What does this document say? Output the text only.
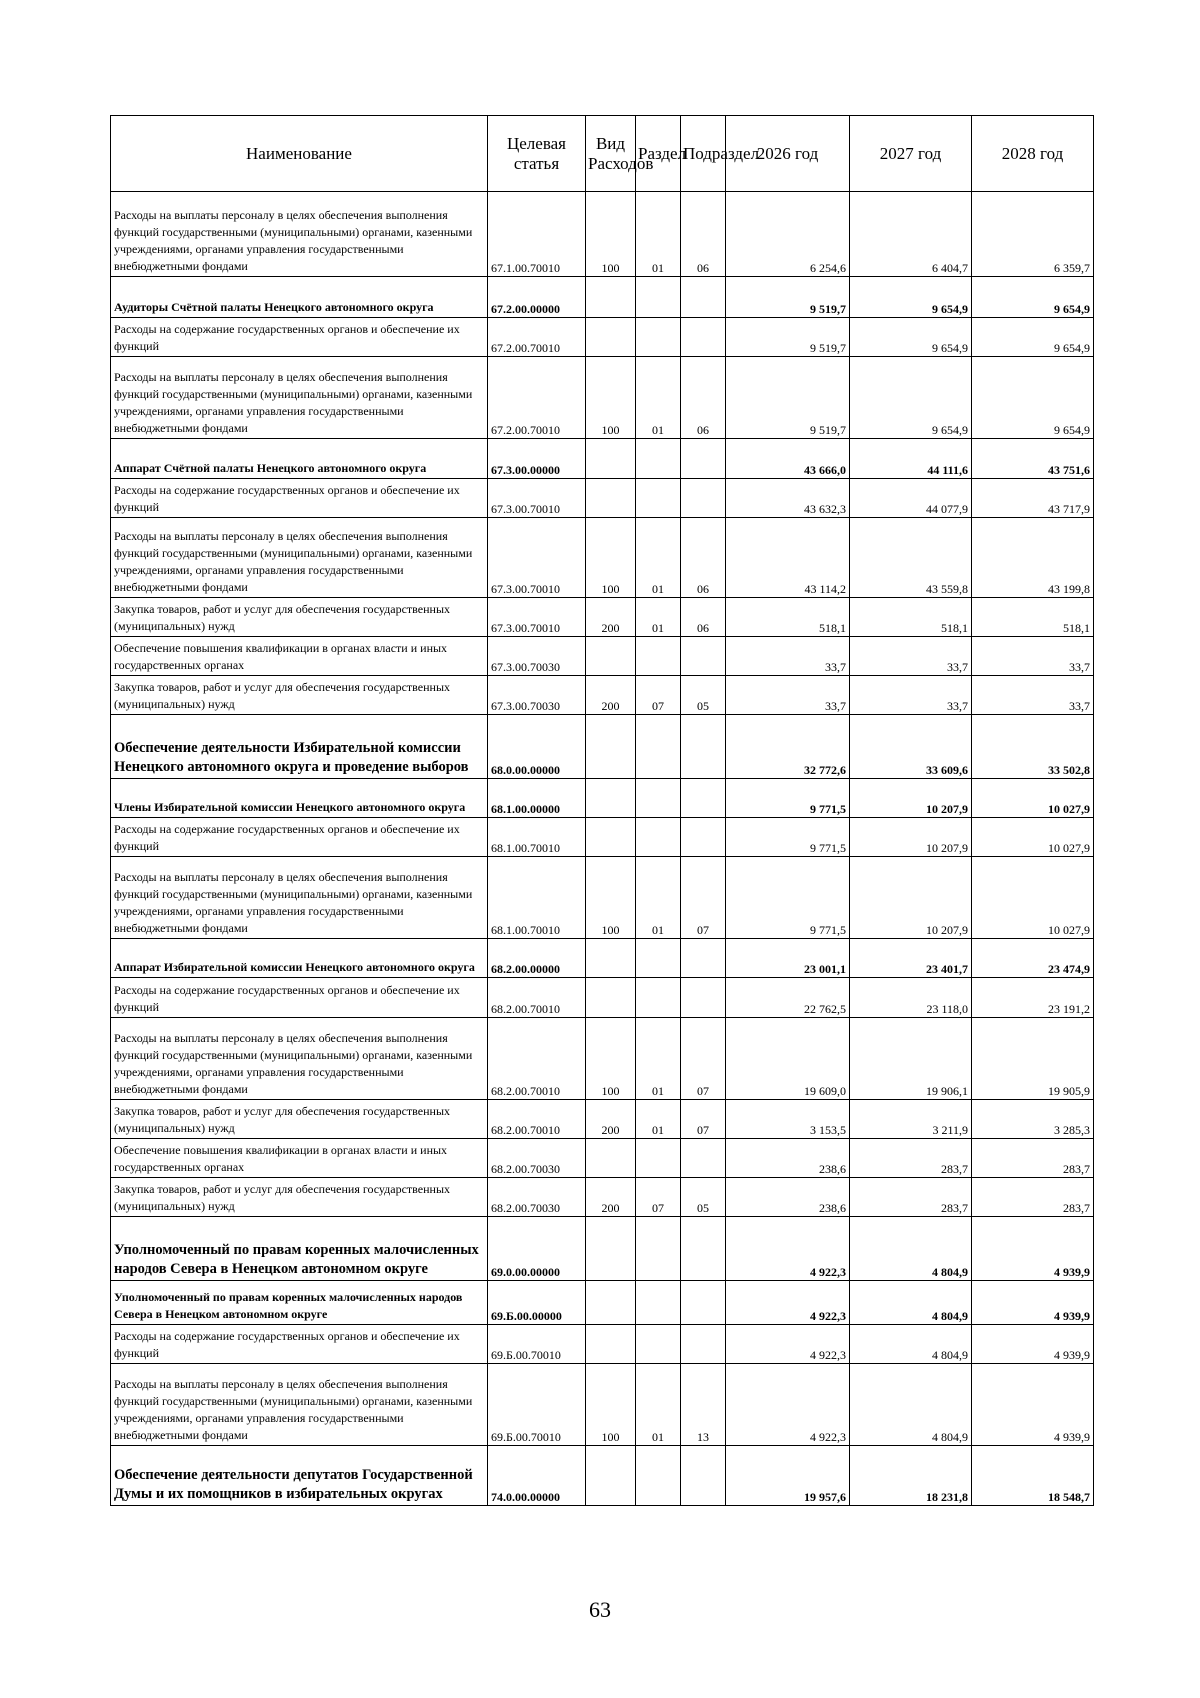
Наименование	Целевая статья	Вид Расходов	Раздел	Подраздел	2026 год	2027 год	2028 год
Расходы на выплаты персоналу в целях обеспечения выполнения функций государственными (муниципальными) органами, казенными учреждениями, органами управления государственными внебюджетными фондами	67.1.00.70010	100	01	06	6 254,6	6 404,7	6 359,7
Аудиторы Счётной палаты Ненецкого автономного округа	67.2.00.00000				9 519,7	9 654,9	9 654,9
Расходы на содержание государственных органов и обеспечение их функций	67.2.00.70010				9 519,7	9 654,9	9 654,9
Расходы на выплаты персоналу в целях обеспечения выполнения функций государственными (муниципальными) органами, казенными учреждениями, органами управления государственными внебюджетными фондами	67.2.00.70010	100	01	06	9 519,7	9 654,9	9 654,9
Аппарат Счётной палаты Ненецкого автономного округа	67.3.00.00000				43 666,0	44 111,6	43 751,6
Расходы на содержание государственных органов и обеспечение их функций	67.3.00.70010				43 632,3	44 077,9	43 717,9
Расходы на выплаты персоналу в целях обеспечения выполнения функций государственными (муниципальными) органами, казенными учреждениями, органами управления государственными внебюджетными фондами	67.3.00.70010	100	01	06	43 114,2	43 559,8	43 199,8
Закупка товаров, работ и услуг для обеспечения государственных (муниципальных) нужд	67.3.00.70010	200	01	06	518,1	518,1	518,1
Обеспечение повышения квалификации в органах власти и иных государственных органах	67.3.00.70030				33,7	33,7	33,7
Закупка товаров, работ и услуг для обеспечения государственных (муниципальных) нужд	67.3.00.70030	200	07	05	33,7	33,7	33,7
Обеспечение деятельности Избирательной комиссии Ненецкого автономного округа и проведение выборов	68.0.00.00000				32 772,6	33 609,6	33 502,8
Члены Избирательной комиссии Ненецкого автономного округа	68.1.00.00000				9 771,5	10 207,9	10 027,9
Расходы на содержание государственных органов и обеспечение их функций	68.1.00.70010				9 771,5	10 207,9	10 027,9
Расходы на выплаты персоналу в целях обеспечения выполнения функций государственными (муниципальными) органами, казенными учреждениями, органами управления государственными внебюджетными фондами	68.1.00.70010	100	01	07	9 771,5	10 207,9	10 027,9
Аппарат Избирательной комиссии Ненецкого автономного округа	68.2.00.00000				23 001,1	23 401,7	23 474,9
Расходы на содержание государственных органов и обеспечение их функций	68.2.00.70010				22 762,5	23 118,0	23 191,2
Расходы на выплаты персоналу в целях обеспечения выполнения функций государственными (муниципальными) органами, казенными учреждениями, органами управления государственными внебюджетными фондами	68.2.00.70010	100	01	07	19 609,0	19 906,1	19 905,9
Закупка товаров, работ и услуг для обеспечения государственных (муниципальных) нужд	68.2.00.70010	200	01	07	3 153,5	3 211,9	3 285,3
Обеспечение повышения квалификации в органах власти и иных государственных органах	68.2.00.70030				238,6	283,7	283,7
Закупка товаров, работ и услуг для обеспечения государственных (муниципальных) нужд	68.2.00.70030	200	07	05	238,6	283,7	283,7
Уполномоченный по правам коренных малочисленных народов Севера в Ненецком автономном округе	69.0.00.00000				4 922,3	4 804,9	4 939,9
Уполномоченный по правам коренных малочисленных народов Севера в Ненецком автономном округе	69.Б.00.00000				4 922,3	4 804,9	4 939,9
Расходы на содержание государственных органов и обеспечение их функций	69.Б.00.70010				4 922,3	4 804,9	4 939,9
Расходы на выплаты персоналу в целях обеспечения выполнения функций государственными (муниципальными) органами, казенными учреждениями, органами управления государственными внебюджетными фондами	69.Б.00.70010	100	01	13	4 922,3	4 804,9	4 939,9
Обеспечение деятельности депутатов Государственной Думы и их помощников в избирательных округах	74.0.00.00000				19 957,6	18 231,8	18 548,7
63
